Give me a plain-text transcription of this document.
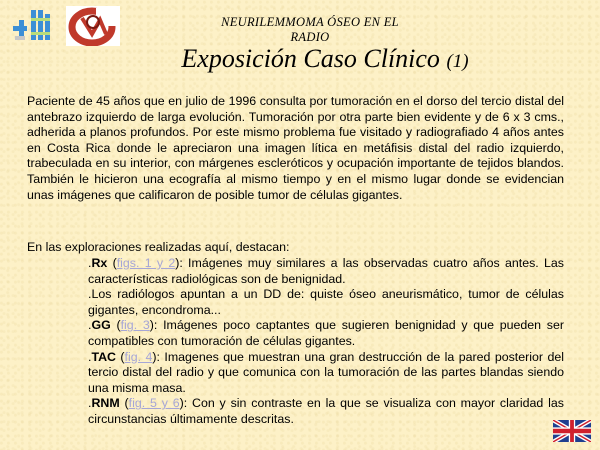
NEURILEMMOMA ÓSEO EN EL RADIO
Exposición Caso Clínico (1)

Paciente de 45 años que en julio de 1996 consulta por tumoración en el dorso del tercio distal del antebrazo izquierdo de larga evolución. Tumoración por otra parte bien evidente y de 6 x 3 cms., adherida a planos profundos. Por este mismo problema fue visitado y radiografiado 4 años antes en Costa Rica donde le apreciaron una imagen lítica en metáfisis distal del radio izquierdo, trabeculada en su interior, con márgenes escleróticos y ocupación importante de tejidos blandos. También le hicieron una ecografía al mismo tiempo y en el mismo lugar donde se evidencian unas imágenes que calificaron de posible tumor de células gigantes.

En las exploraciones realizadas aquí, destacan:

.Rx (figs. 1 y 2): Imágenes muy similares a las observadas cuatro años antes. Las características radiológicas son de benignidad.

.Los radiólogos apuntan a un DD de: quiste óseo aneurismático, tumor de células gigantes, encondroma...

.GG (fig. 3): Imágenes poco captantes que sugieren benignidad y que pueden ser compatibles con tumoración de células gigantes.

.TAC (fig. 4): Imagenes que muestran una gran destrucción de la pared posterior del tercio distal del radio y que comunica con la tumoración de las partes blandas siendo una misma masa.

.RNM (fig. 5 y 6): Con y sin contraste en la que se visualiza con mayor claridad las circunstancias últimamente descritas.
